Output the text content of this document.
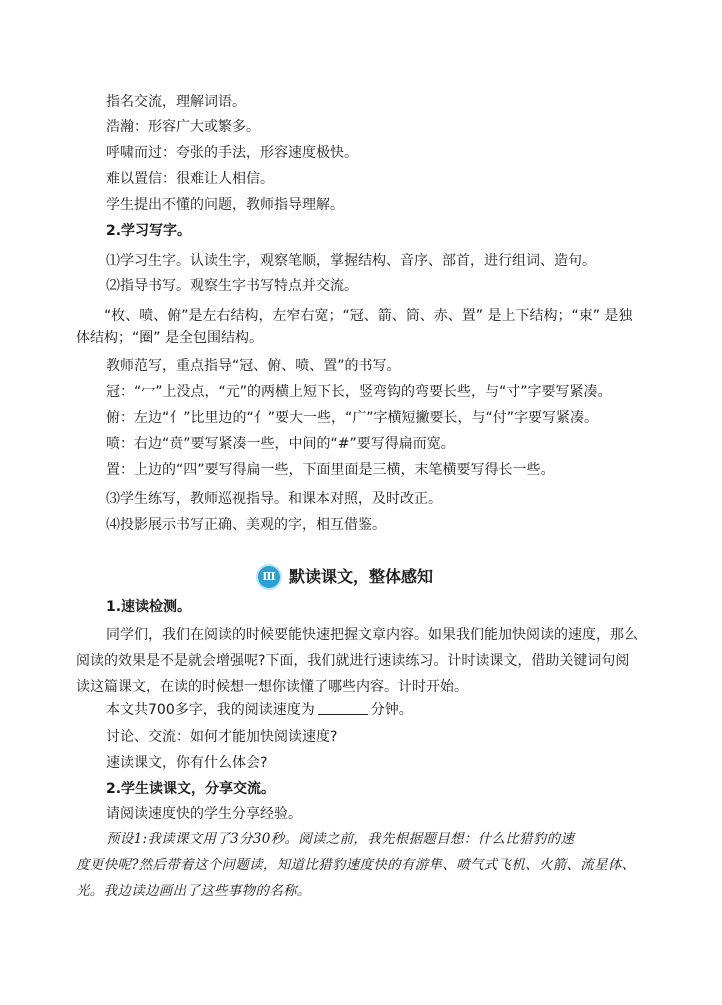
指名交流，理解词语。
浩瀚：形容广大或繁多。
呼啸而过：夸张的手法，形容速度极快。
难以置信：很难让人相信。
学生提出不懂的问题，教师指导理解。
2.学习写字。
⑴学习生字。认读生字，观察笔顺，掌握结构、音序、部首，进行组词、造句。
⑵指导书写。观察生字书写特点并交流。
“枚、喷、俯”是左右结构，左窄右宽；“冠、箭、筒、赤、置” 是上下结构；“束” 是独体结构；“圈” 是全包围结构。
教师范写，重点指导“冠、俯、喷、置”的书写。
冠：“冖”上没点，“元”的两横上短下长，竖弯钩的弯要长些，与“寸”字要写紧凑。
俯：左边“亻”比里边的“亻”要大一些，“广”字横短撇要长，与“付”字要写紧凑。
喷：右边“贲”要写紧凑一些，中间的“#”要写得扁而宽。
置：上边的“四”要写得扁一些，下面里面是三横，末笔横要写得长一些。
⑶学生练写，教师巡视指导。和课本对照，及时改正。
⑷投影展示书写正确、美观的字，相互借鉴。
Ⅲ 默读课文，整体感知
1.速读检测。
同学们，我们在阅读的时候要能快速把握文章内容。如果我们能加快阅读的速度，那么阅读的效果是不是就会增强呢?下面，我们就进行速读练习。计时读课文，借助关键词句阅读这篇课文，在读的时候想一想你读懂了哪些内容。计时开始。
本文共700多字，我的阅读速度为	分钟。
讨论、交流：如何才能加快阅读速度?
速读课文，你有什么体会?
2.学生读课文，分享交流。
请阅读速度快的学生分享经验。
预设1:我读课文用了3分30秒。阅读之前，我先根据题目想：什么比猎豹的速
度更快呢?然后带着这个问题读，知道比猎豹速度快的有游隼、喷气式飞机、火箭、流星体、光。我边读边画出了这些事物的名称。
